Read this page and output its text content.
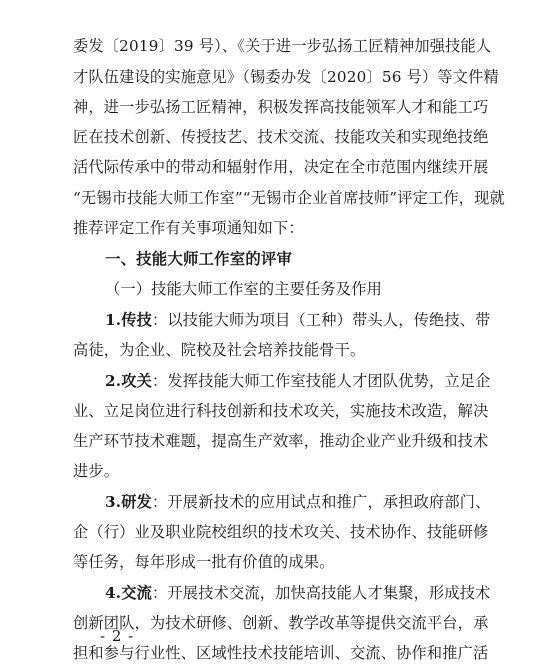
委发〔2019〕39 号）、《关于进一步弘扬工匠精神加强技能人
才队伍建设的实施意见》（锡委办发〔2020〕56 号）等文件精
神，进一步弘扬工匠精神，积极发挥高技能领军人才和能工巧
匠在技术创新、传授技艺、技术交流、技能攻关和实现绝技绝
活代际传承中的带动和辐射作用，决定在全市范围内继续开展
“无锡市技能大师工作室”“无锡市企业首席技师”评定工作，现就
推荐评定工作有关事项通知如下：
一、技能大师工作室的评审
（一）技能大师工作室的主要任务及作用
1.传技：以技能大师为项目（工种）带头人，传绝技、带
高徒，为企业、院校及社会培养技能骨干。
2.攻关：发挥技能大师工作室技能人才团队优势，立足企
业、立足岗位进行科技创新和技术攻关，实施技术改造，解决
生产环节技术难题，提高生产效率，推动企业产业升级和技术
进步。
3.研发：开展新技术的应用试点和推广，承担政府部门、
企（行）业及职业院校组织的技术攻关、技术协作、技能研修
等任务，每年形成一批有价值的成果。
4.交流：开展技术交流，加快高技能人才集聚，形成技术
创新团队，为技术研修、创新、教学改革等提供交流平台，承
担和参与行业性、区域性技术技能培训、交流、协作和推广活
- 2 -
